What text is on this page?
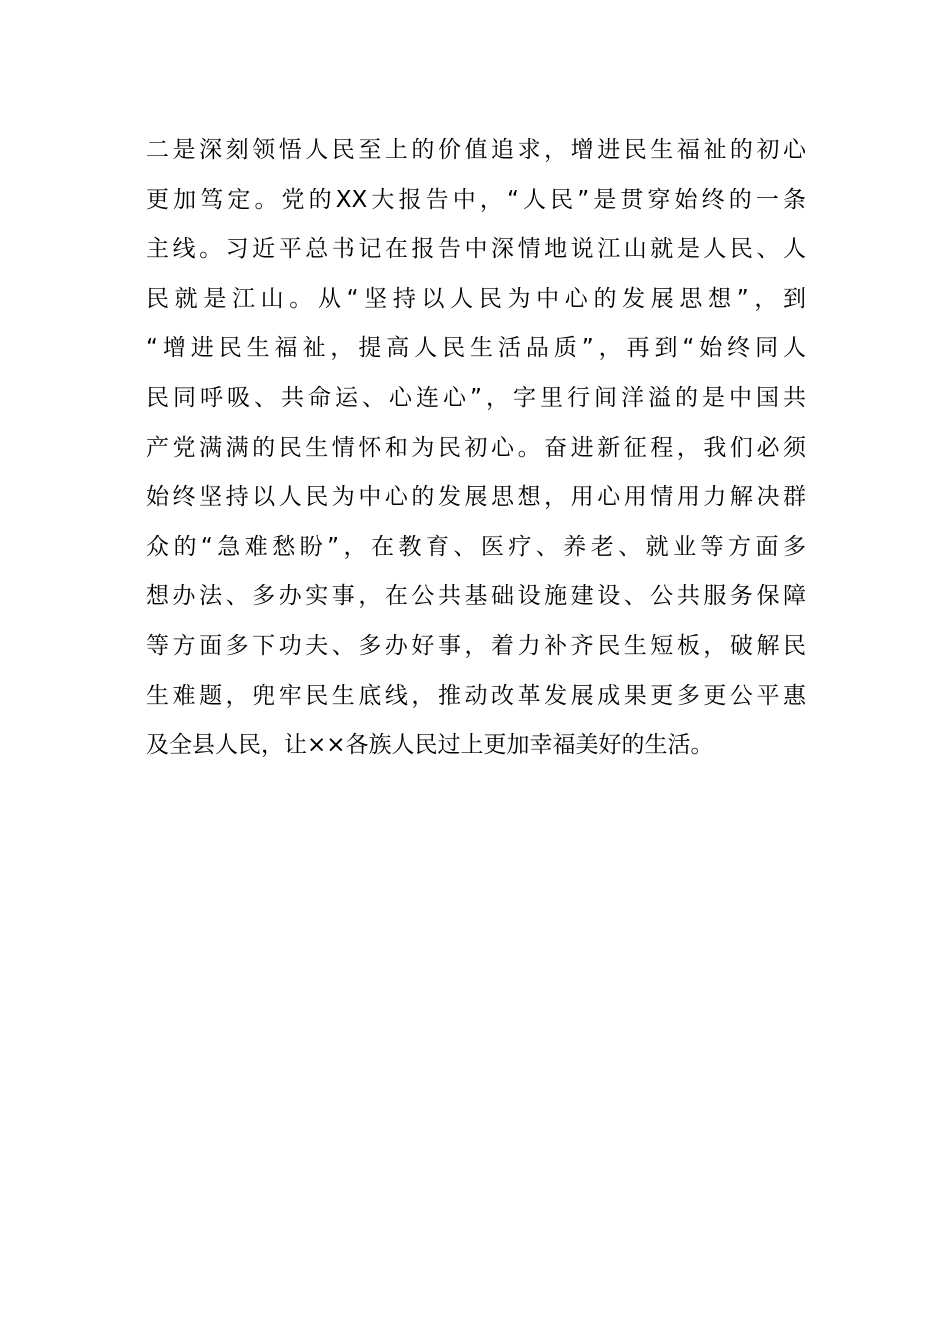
二是深刻领悟人民至上的价值追求，增进民生福祉的初心
更加笃定。党的XX大报告中，“人民”是贯穿始终的一条
主线。习近平总书记在报告中深情地说江山就是人民、人
民就是江山。从“坚持以人民为中心的发展思想”，到
“增进民生福祉，提高人民生活品质”，再到“始终同人
民同呼吸、共命运、心连心”，字里行间洋溢的是中国共
产党满满的民生情怀和为民初心。奋进新征程，我们必须
始终坚持以人民为中心的发展思想，用心用情用力解决群
众的“急难愁盼”，在教育、医疗、养老、就业等方面多
想办法、多办实事，在公共基础设施建设、公共服务保障
等方面多下功夫、多办好事，着力补齐民生短板，破解民
生难题，兜牢民生底线，推动改革发展成果更多更公平惠
及全县人民，让××各族人民过上更加幸福美好的生活。
